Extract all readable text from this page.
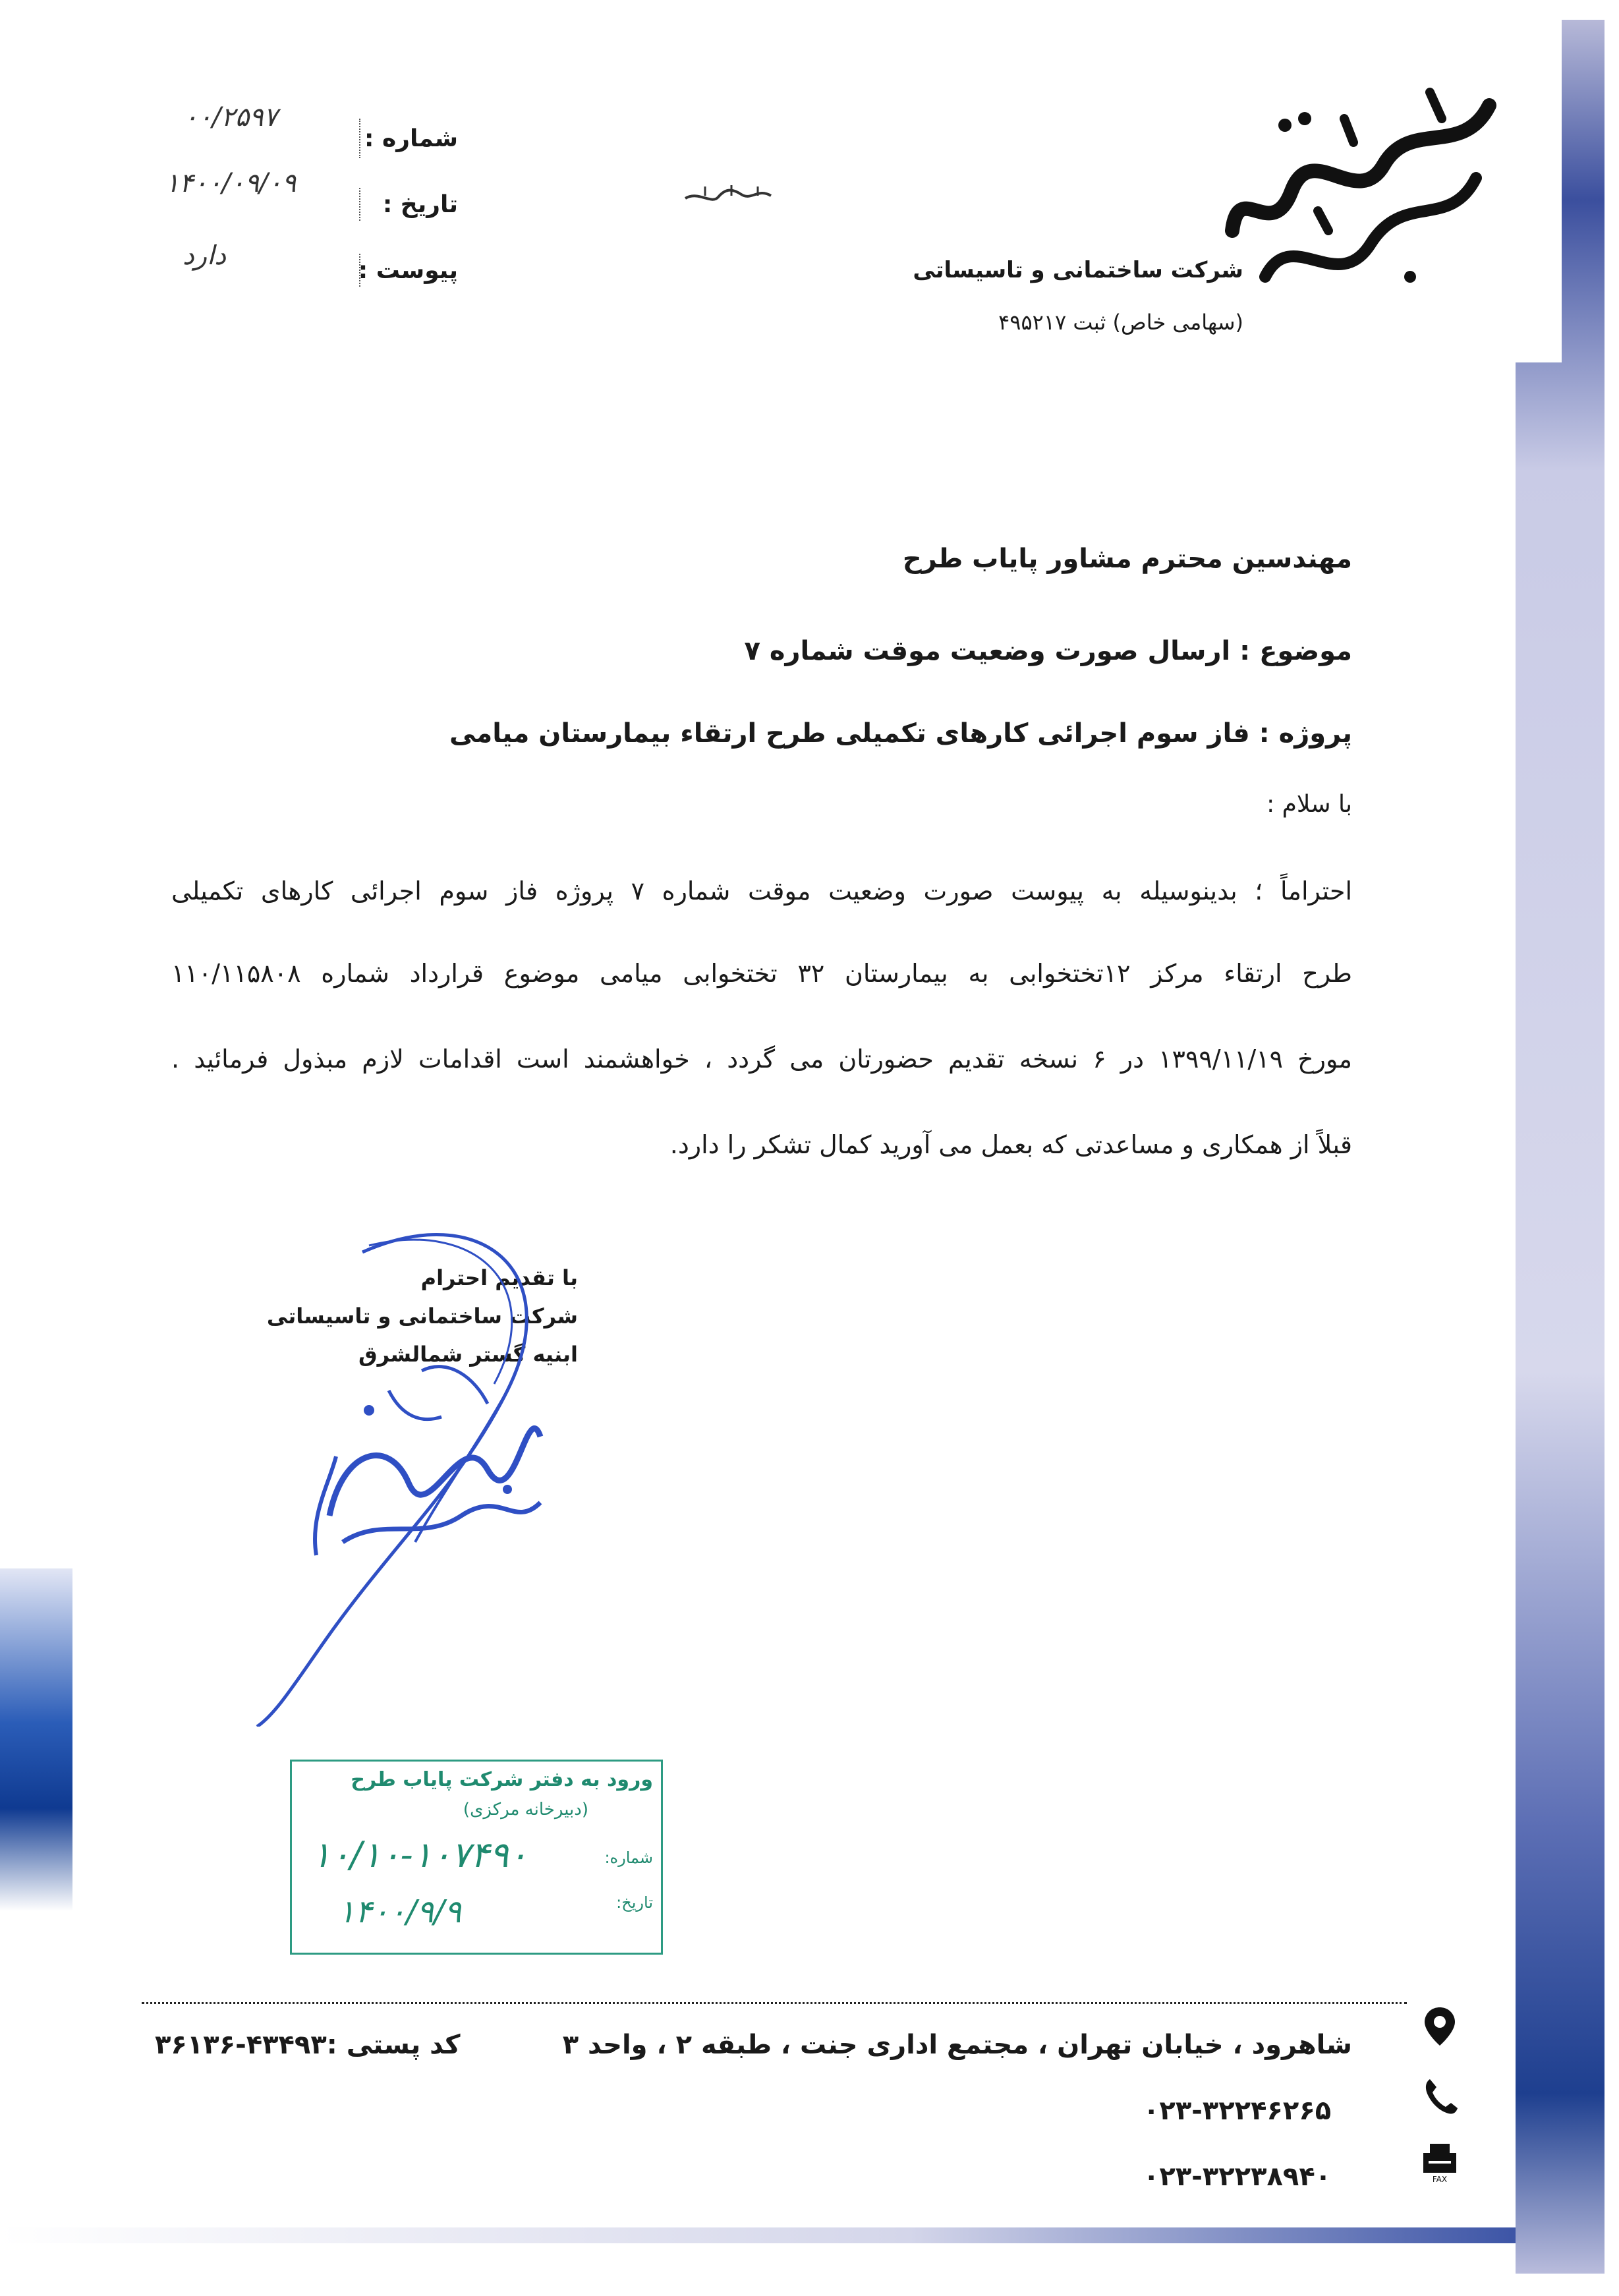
شرکت ساختمانی و تاسیساتی
(سهامی خاص) ثبت ۴۹۵۲۱۷
شماره :
۰۰/۲۵۹۷
تاریخ :
۱۴۰۰/۰۹/۰۹
پیوست :
دارد
مهندسین محترم مشاور پایاب طرح
موضوع : ارسال صورت وضعیت موقت شماره ۷
پروژه : فاز سوم اجرائی کارهای تکمیلی طرح ارتقاء بیمارستان میامی
با سلام :
احتراماً ؛ بدینوسیله به پیوست صورت وضعیت موقت شماره ۷ پروژه فاز سوم اجرائی کارهای تکمیلی
طرح ارتقاء مرکز ۱۲تختخوابی به بیمارستان ۳۲ تختخوابی میامی موضوع قرارداد شماره ۱۱۰/۱۱۵۸۰۸
مورخ ۱۳۹۹/۱۱/۱۹ در ۶ نسخه تقدیم حضورتان می گردد ، خواهشمند است اقدامات لازم مبذول فرمائید .
قبلاً از همکاری و مساعدتی که بعمل می آورید کمال تشکر را دارد.
با تقدیم احترام
شرکت ساختمانی و تاسیساتی
ابنیه گستر شمالشرق
ورود به دفتر شرکت پایاب طرح
(دبیرخانه مرکزی)
شماره:
تاریخ:
۱۰/۱۰-۱۰۷۴۹۰
۱۴۰۰/۹/۹
شاهرود ، خیابان تهران ، مجتمع اداری جنت ، طبقه ۲ ، واحد ۳
کد پستی :۴۳۴۹۳-۳۶۱۳۶
۰۲۳-۳۲۲۴۶۲۶۵
۰۲۳-۳۲۲۳۸۹۴۰	FAX
